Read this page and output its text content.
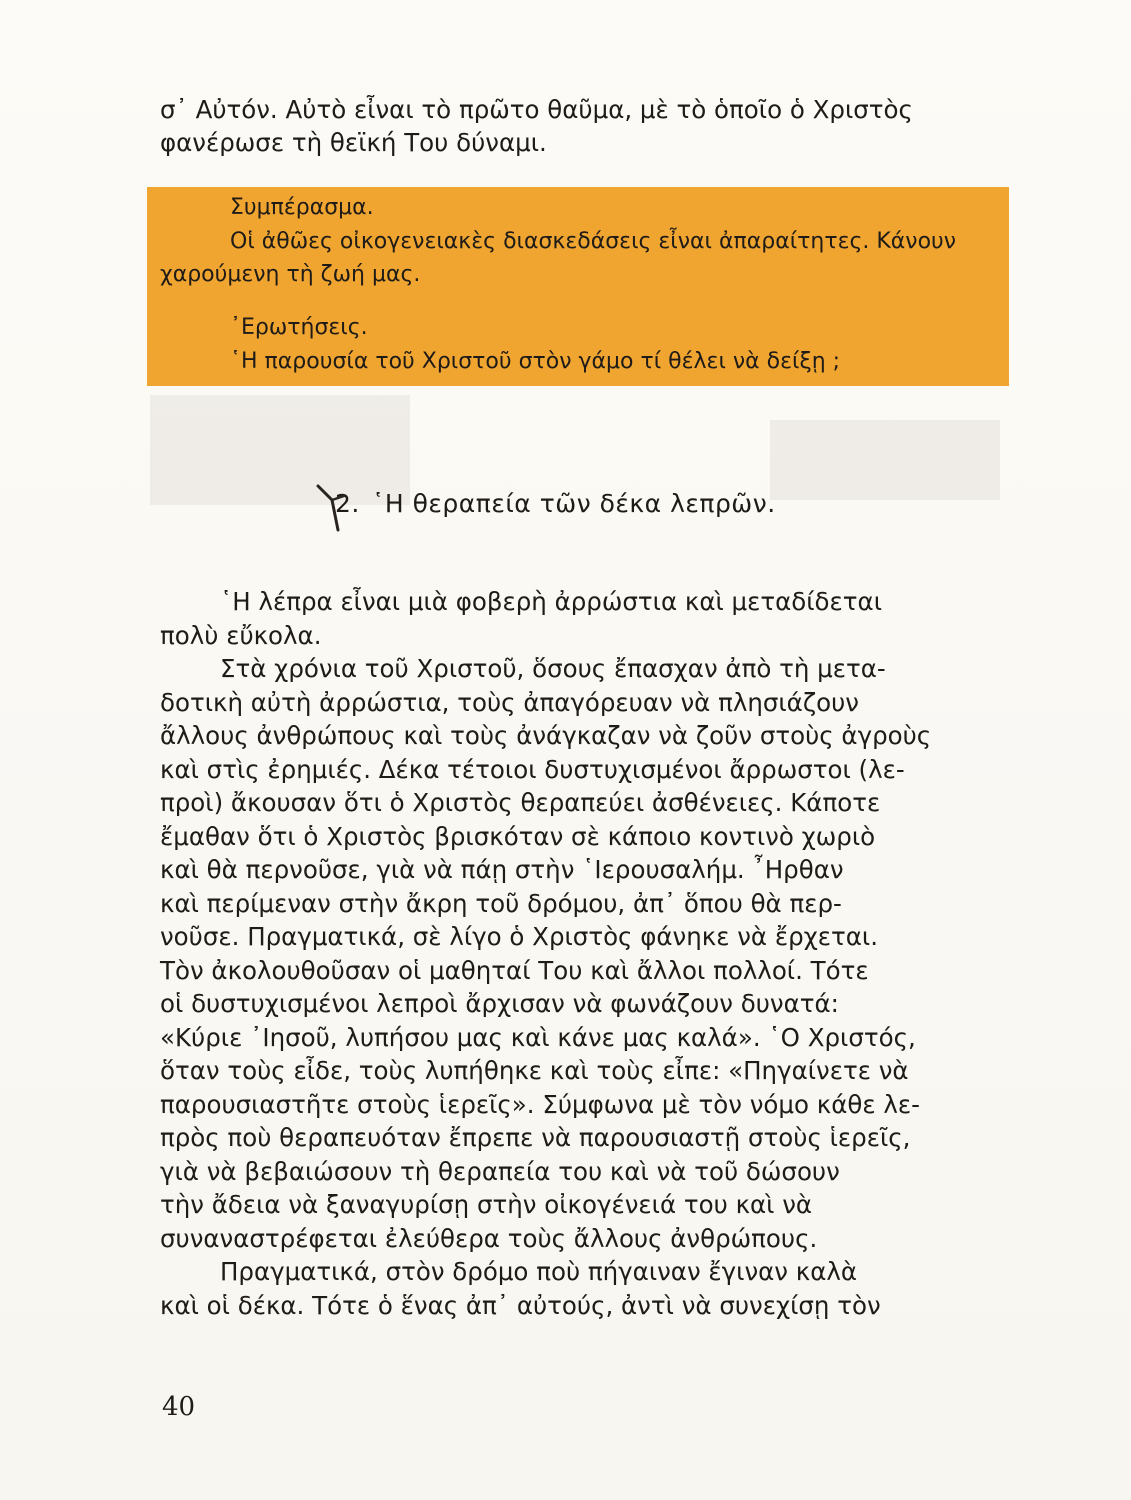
σ᾿ Αὐτόν. Αὐτὸ εἶναι τὸ πρῶτο θαῦμα, μὲ τὸ ὁποῖο ὁ Χριστὸς
φανέρωσε τὴ θεϊκή Του δύναμι.
Συμπέρασμα.
Οἱ ἀθῶες οἰκογενειακὲς διασκεδάσεις εἶναι ἀπαραίτητες. Κάνουν
χαρούμενη τὴ ζωή μας.
᾿Ερωτήσεις.
῾Η παρουσία τοῦ Χριστοῦ στὸν γάμο τί θέλει νὰ δείξῃ ;
2. ῾Η θεραπεία τῶν δέκα λεπρῶν.

῾Η λέπρα εἶναι μιὰ φοβερὴ ἀρρώστια καὶ μεταδίδεται
πολὺ εὔκολα.

Στὰ χρόνια τοῦ Χριστοῦ, ὅσους ἔπασχαν ἀπὸ τὴ μετα-
δοτικὴ αὐτὴ ἀρρώστια, τοὺς ἀπαγόρευαν νὰ πλησιάζουν
ἄλλους ἀνθρώπους καὶ τοὺς ἀνάγκαζαν νὰ ζοῦν στοὺς ἀγροὺς
καὶ στὶς ἐρημιές. Δέκα τέτοιοι δυστυχισμένοι ἄρρωστοι (λε-
προὶ) ἄκουσαν ὅτι ὁ Χριστὸς θεραπεύει ἀσθένειες. Κάποτε
ἔμαθαν ὅτι ὁ Χριστὸς βρισκόταν σὲ κάποιο κοντινὸ χωριὸ
καὶ θὰ περνοῦσε, γιὰ νὰ πάῃ στὴν ῾Ιερουσαλήμ. ῏Ηρθαν
καὶ περίμεναν στὴν ἄκρη τοῦ δρόμου, ἀπ᾿ ὅπου θὰ περ-
νοῦσε. Πραγματικά, σὲ λίγο ὁ Χριστὸς φάνηκε νὰ ἔρχεται.
Τὸν ἀκολουθοῦσαν οἱ μαθηταί Του καὶ ἄλλοι πολλοί. Τότε
οἱ δυστυχισμένοι λεπροὶ ἄρχισαν νὰ φωνάζουν δυνατά:
«Κύριε ᾿Ιησοῦ, λυπήσου μας καὶ κάνε μας καλά». ῾Ο Χριστός,
ὅταν τοὺς εἶδε, τοὺς λυπήθηκε καὶ τοὺς εἶπε: «Πηγαίνετε νὰ
παρουσιαστῆτε στοὺς ἱερεῖς». Σύμφωνα μὲ τὸν νόμο κάθε λε-
πρὸς ποὺ θεραπευόταν ἔπρεπε νὰ παρουσιαστῇ στοὺς ἱερεῖς,
γιὰ νὰ βεβαιώσουν τὴ θεραπεία του καὶ νὰ τοῦ δώσουν
τὴν ἄδεια νὰ ξαναγυρίσῃ στὴν οἰκογένειά του καὶ νὰ
συναναστρέφεται ἐλεύθερα τοὺς ἄλλους ἀνθρώπους.

Πραγματικά, στὸν δρόμο ποὺ πήγαιναν ἔγιναν καλὰ
καὶ οἱ δέκα. Τότε ὁ ἕνας ἀπ᾿ αὐτούς, ἀντὶ νὰ συνεχίσῃ τὸν

40
